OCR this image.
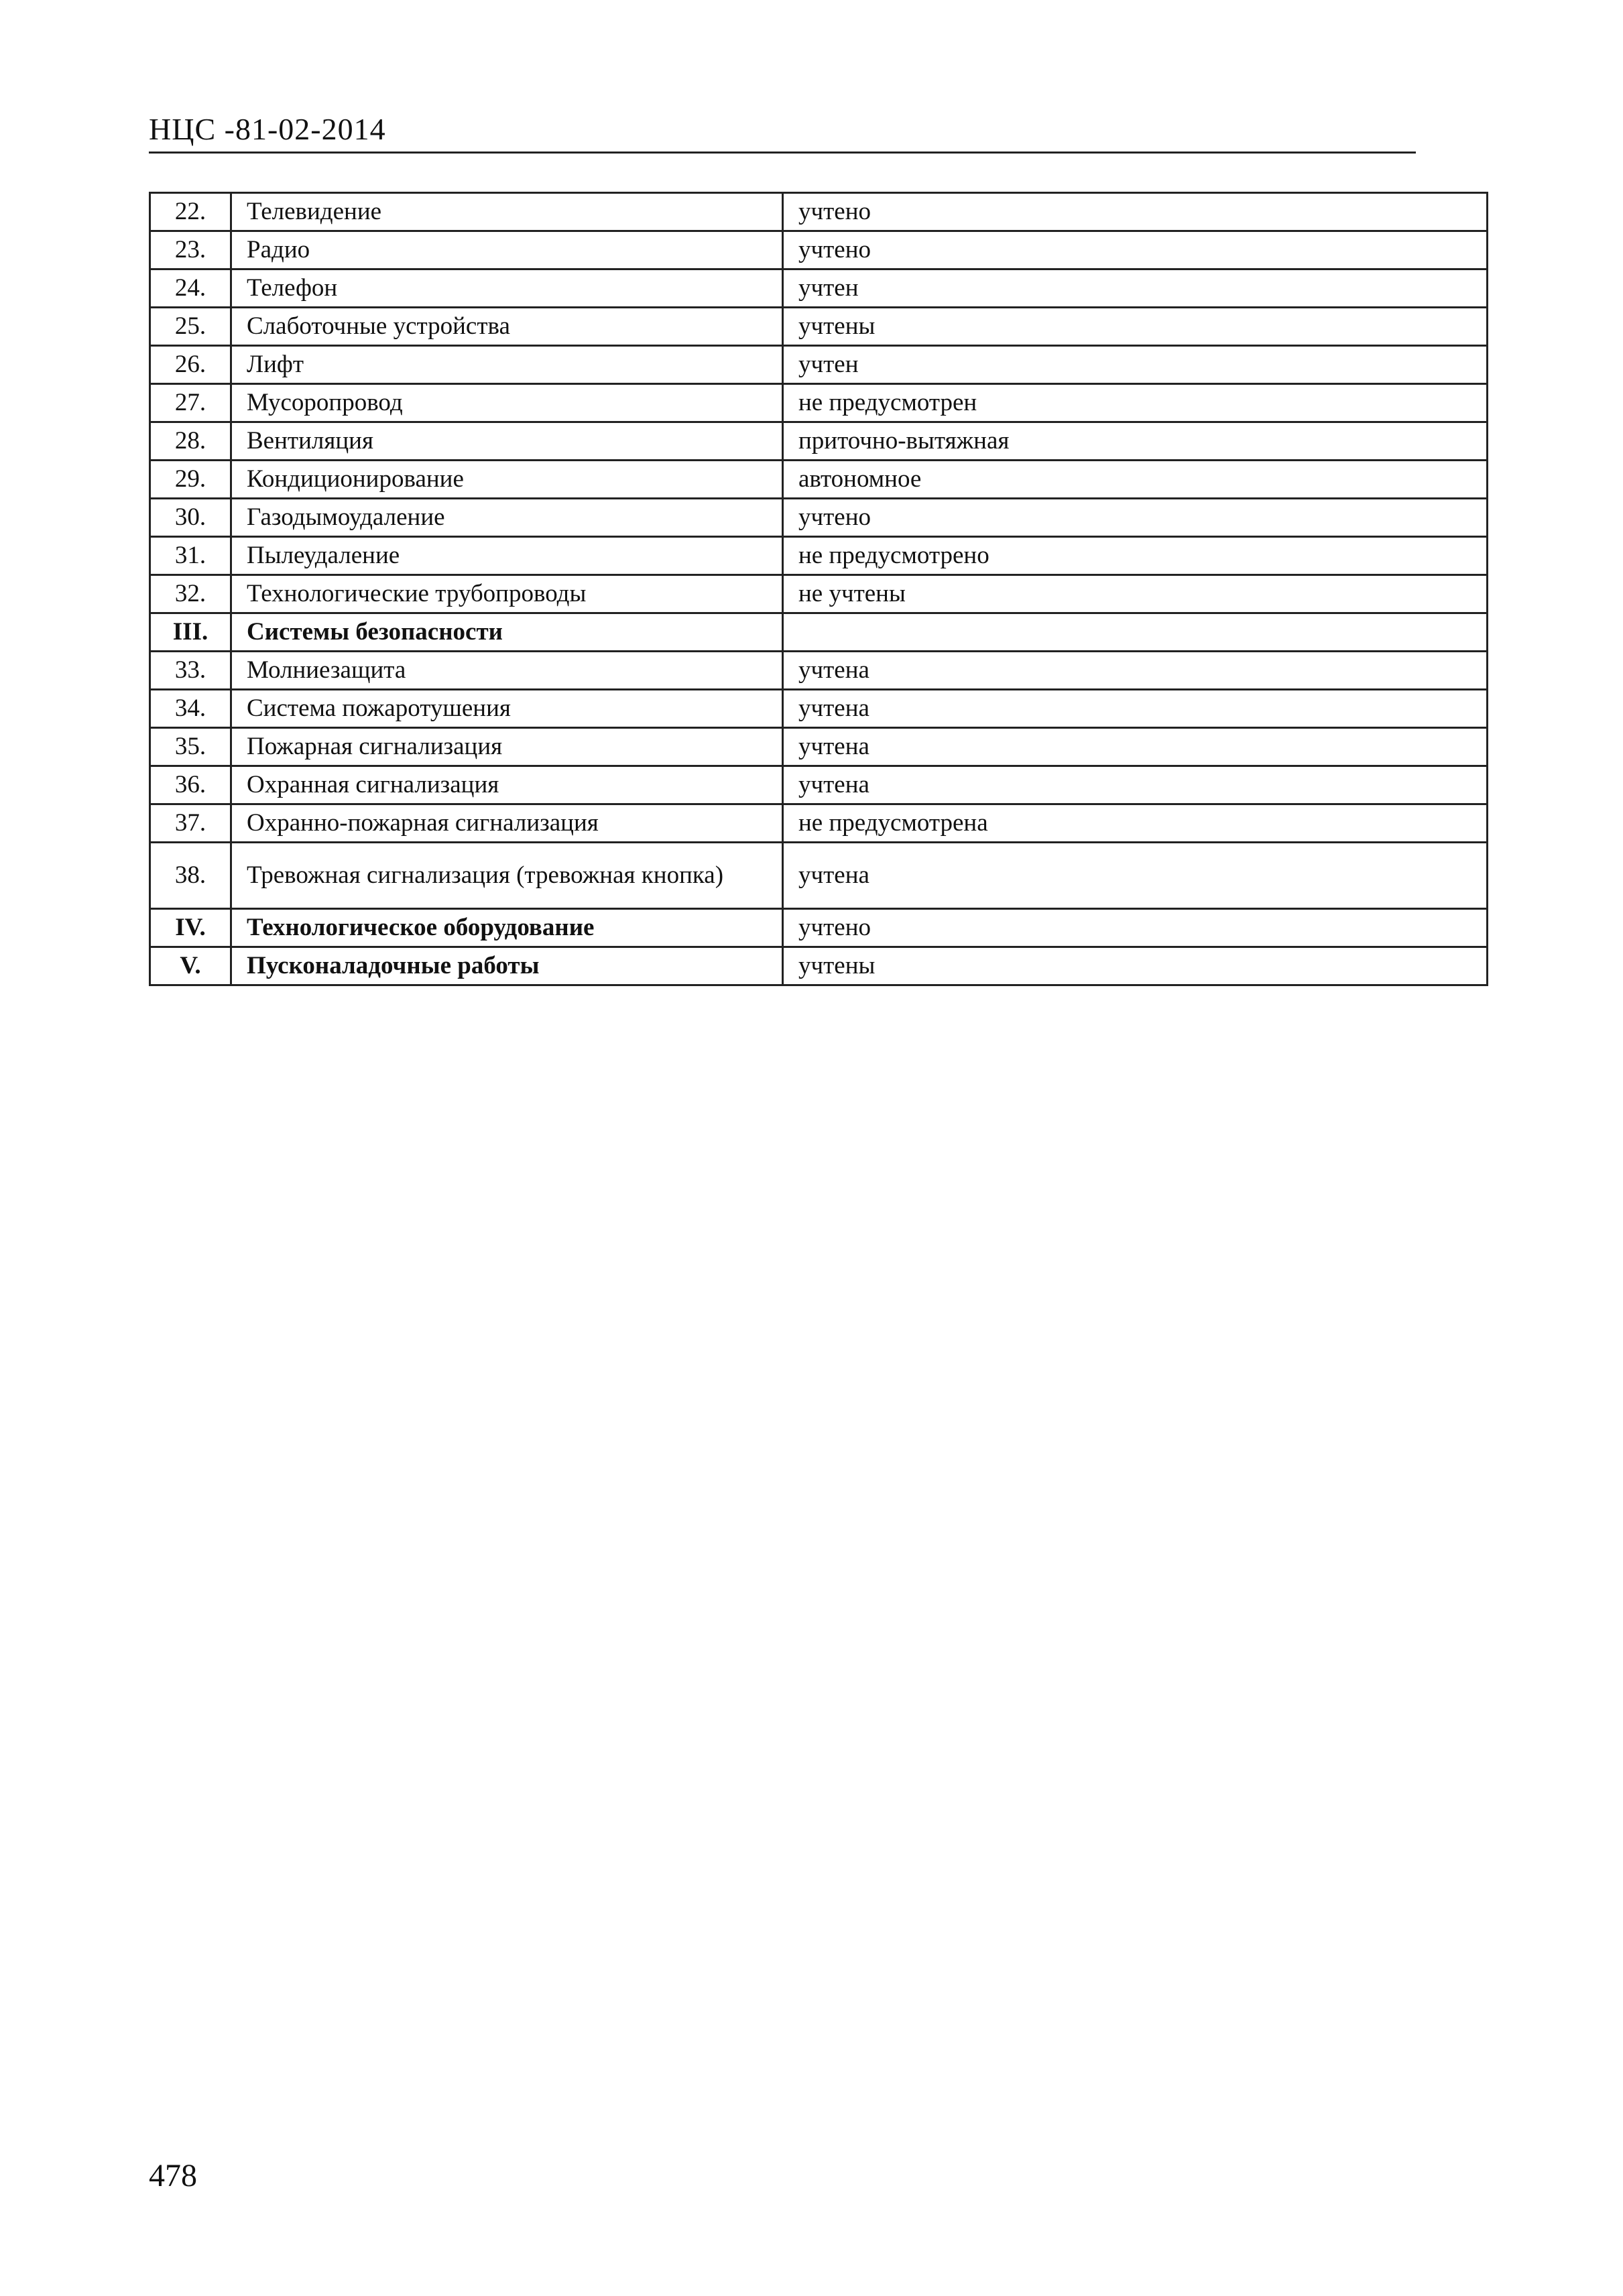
НЦС -81-02-2014
22.	Телевидение	учтено
23.	Радио	учтено
24.	Телефон	учтен
25.	Слаботочные устройства	учтены
26.	Лифт	учтен
27.	Мусоропровод	не предусмотрен
28.	Вентиляция	приточно-вытяжная
29.	Кондиционирование	автономное
30.	Газодымоудаление	учтено
31.	Пылеудаление	не предусмотрено
32.	Технологические трубопроводы	не учтены
III.	Системы безопасности	
33.	Молниезащита	учтена
34.	Система пожаротушения	учтена
35.	Пожарная сигнализация	учтена
36.	Охранная сигнализация	учтена
37.	Охранно-пожарная сигнализация	не предусмотрена
38.	Тревожная сигнализация (тревожная кнопка)	учтена
IV.	Технологическое оборудование	учтено
V.	Пусконаладочные работы	учтены
478
